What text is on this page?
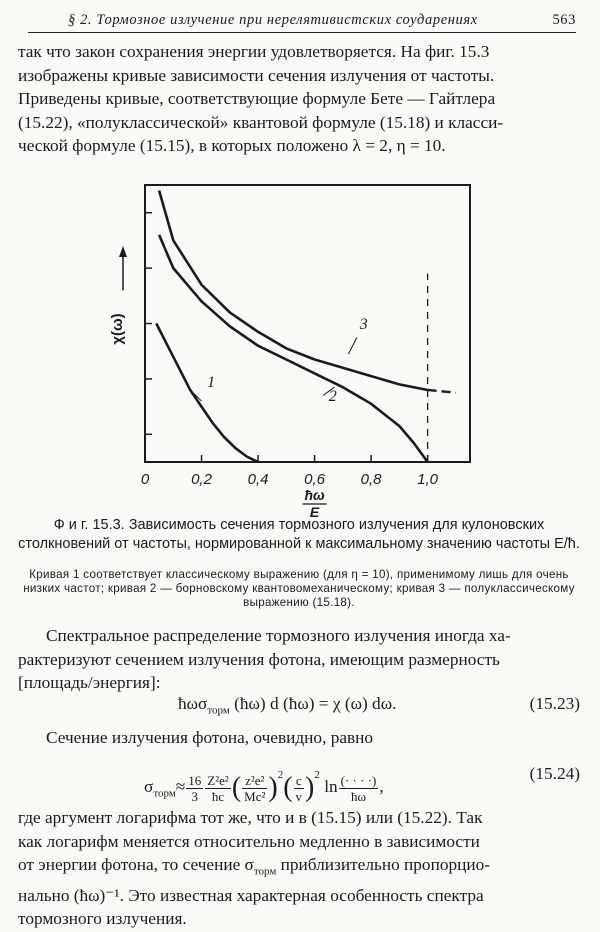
§ 2. Тормозное излучение при нерелятивистских соударениях	563
так что закон сохранения энергии удовлетворяется. На фиг. 15.3
изображены кривые зависимости сечения излучения от частоты.
Приведены кривые, соответствующие формуле Бете — Гайтлера
(15.22), «полуклассической» квантовой формуле (15.18) и класси-
ческой формуле (15.15), в которых положено λ = 2, η = 10.
0	0,2 0,4 0,6 0,8 1,0
χ(ω)
ħω
E
1
2
3
Ф и г. 15.3. Зависимость сечения тормозного излучения для кулоновских столкновений от частоты, нормированной к максимальному значению частоты E/ħ.
Кривая 1 соответствует классическому выражению (для η = 10), применимому лишь для очень низких частот; кривая 2 — борновскому квантовомеханическому; кривая 3 — полуклассическому выражению (15.18).
Спектральное распределение тормозного излучения иногда ха-
рактеризуют сечением излучения фотона, имеющим размерность
[площадь/энергия]:
ħωσ$_{торм}$ (ħω) d (ħω) = χ (ω) dω.	(15.23)
Сечение излучения фотона, очевидно, равно
$\sigma_{торм}\approx \frac{16}{3} \frac{\text{Z²e²}}{ħc}$ ( $\frac{\text{z²e²}}{\text{Mc²}} )^2( \frac{c}{v} )^2$ $\ln \frac{(\cdot \cdot \cdot \cdot)}{ħ\omega}$ ,
(15.24)
где аргумент логарифма тот же, что и в (15.15) или (15.22). Так
как логарифм меняется относительно медленно в зависимости
от энергии фотона, то сечение $\sigma_{торм}$ приблизительно пропорцио-
нально (ħω)⁻¹. Это известная характерная особенность спектра
тормозного излучения.
